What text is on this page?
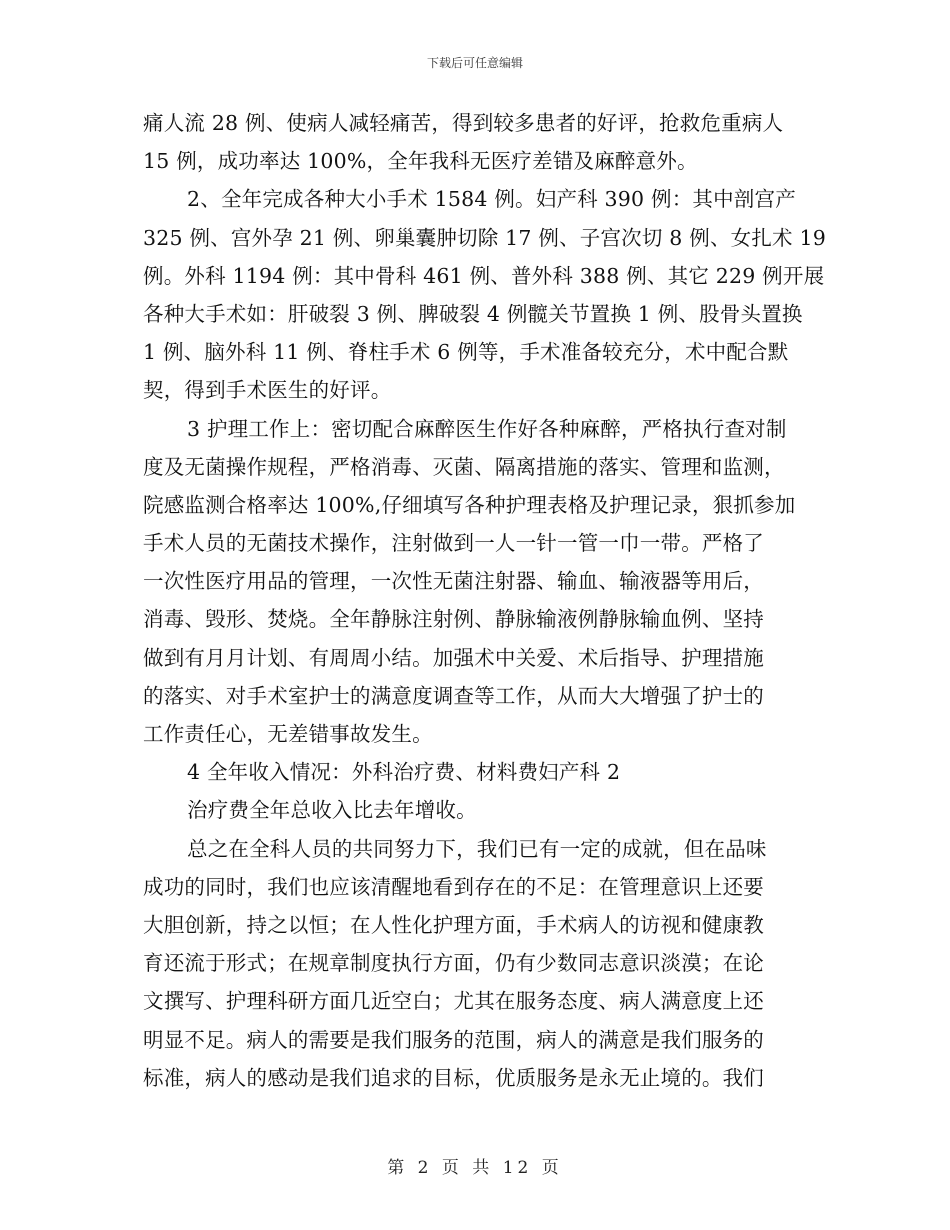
下载后可任意编辑
痛人流 28 例、使病人减轻痛苦，得到较多患者的好评，抢救危重病人
15 例，成功率达 100%，全年我科无医疗差错及麻醉意外。
2、全年完成各种大小手术 1584 例。妇产科 390 例：其中剖宫产
325 例、宫外孕 21 例、卵巢囊肿切除 17 例、子宫次切 8 例、女扎术 19
例。外科 1194 例：其中骨科 461 例、普外科 388 例、其它 229 例开展
各种大手术如：肝破裂 3 例、脾破裂 4 例髋关节置换 1 例、股骨头置换
1 例、脑外科 11 例、脊柱手术 6 例等，手术准备较充分，术中配合默
契，得到手术医生的好评。
3 护理工作上：密切配合麻醉医生作好各种麻醉，严格执行查对制
度及无菌操作规程，严格消毒、灭菌、隔离措施的落实、管理和监测，
院感监测合格率达 100%,仔细填写各种护理表格及护理记录，狠抓参加
手术人员的无菌技术操作，注射做到一人一针一管一巾一带。严格了
一次性医疗用品的管理，一次性无菌注射器、输血、输液器等用后，
消毒、毁形、焚烧。全年静脉注射例、静脉输液例静脉输血例、坚持
做到有月月计划、有周周小结。加强术中关爱、术后指导、护理措施
的落实、对手术室护士的满意度调查等工作，从而大大增强了护士的
工作责任心，无差错事故发生。
4 全年收入情况：外科治疗费、材料费妇产科 2
治疗费全年总收入比去年增收。
总之在全科人员的共同努力下，我们已有一定的成就，但在品味
成功的同时，我们也应该清醒地看到存在的不足：在管理意识上还要
大胆创新，持之以恒；在人性化护理方面，手术病人的访视和健康教
育还流于形式；在规章制度执行方面，仍有少数同志意识淡漠；在论
文撰写、护理科研方面几近空白；尤其在服务态度、病人满意度上还
明显不足。病人的需要是我们服务的范围，病人的满意是我们服务的
标准，病人的感动是我们追求的目标，优质服务是永无止境的。我们
第 2 页 共 12 页
